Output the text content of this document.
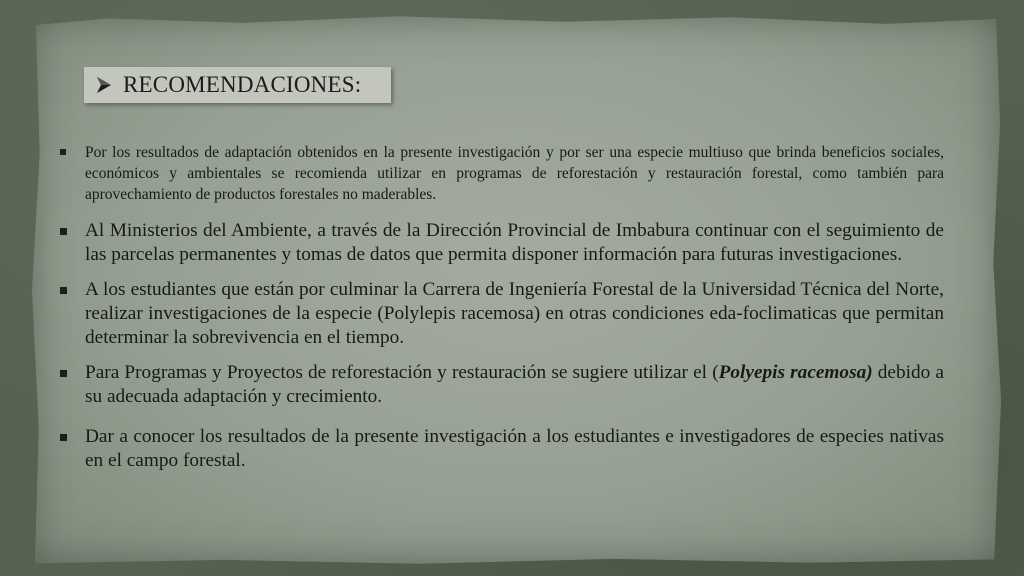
RECOMENDACIONES:
Por los resultados de adaptación obtenidos en la presente investigación y por ser una especie multiuso que brinda beneficios sociales, económicos y ambientales se recomienda utilizar en programas de reforestación y restauración forestal, como también para aprovechamiento de productos forestales no maderables.
Al Ministerios del Ambiente, a través de la Dirección Provincial de Imbabura continuar con el seguimiento de las parcelas permanentes y tomas de datos que permita disponer información para futuras investigaciones.
A los estudiantes que están por culminar la Carrera de Ingeniería Forestal de la Universidad Técnica del Norte, realizar investigaciones de la especie (Polylepis racemosa) en otras condiciones eda-foclimaticas que permitan determinar la sobrevivencia en el tiempo.
Para Programas y Proyectos de reforestación y restauración se sugiere utilizar el (Polyepis racemosa) debido a su adecuada adaptación y crecimiento.
Dar a conocer los resultados de la presente investigación a los estudiantes e investigadores de especies nativas en el campo forestal.
